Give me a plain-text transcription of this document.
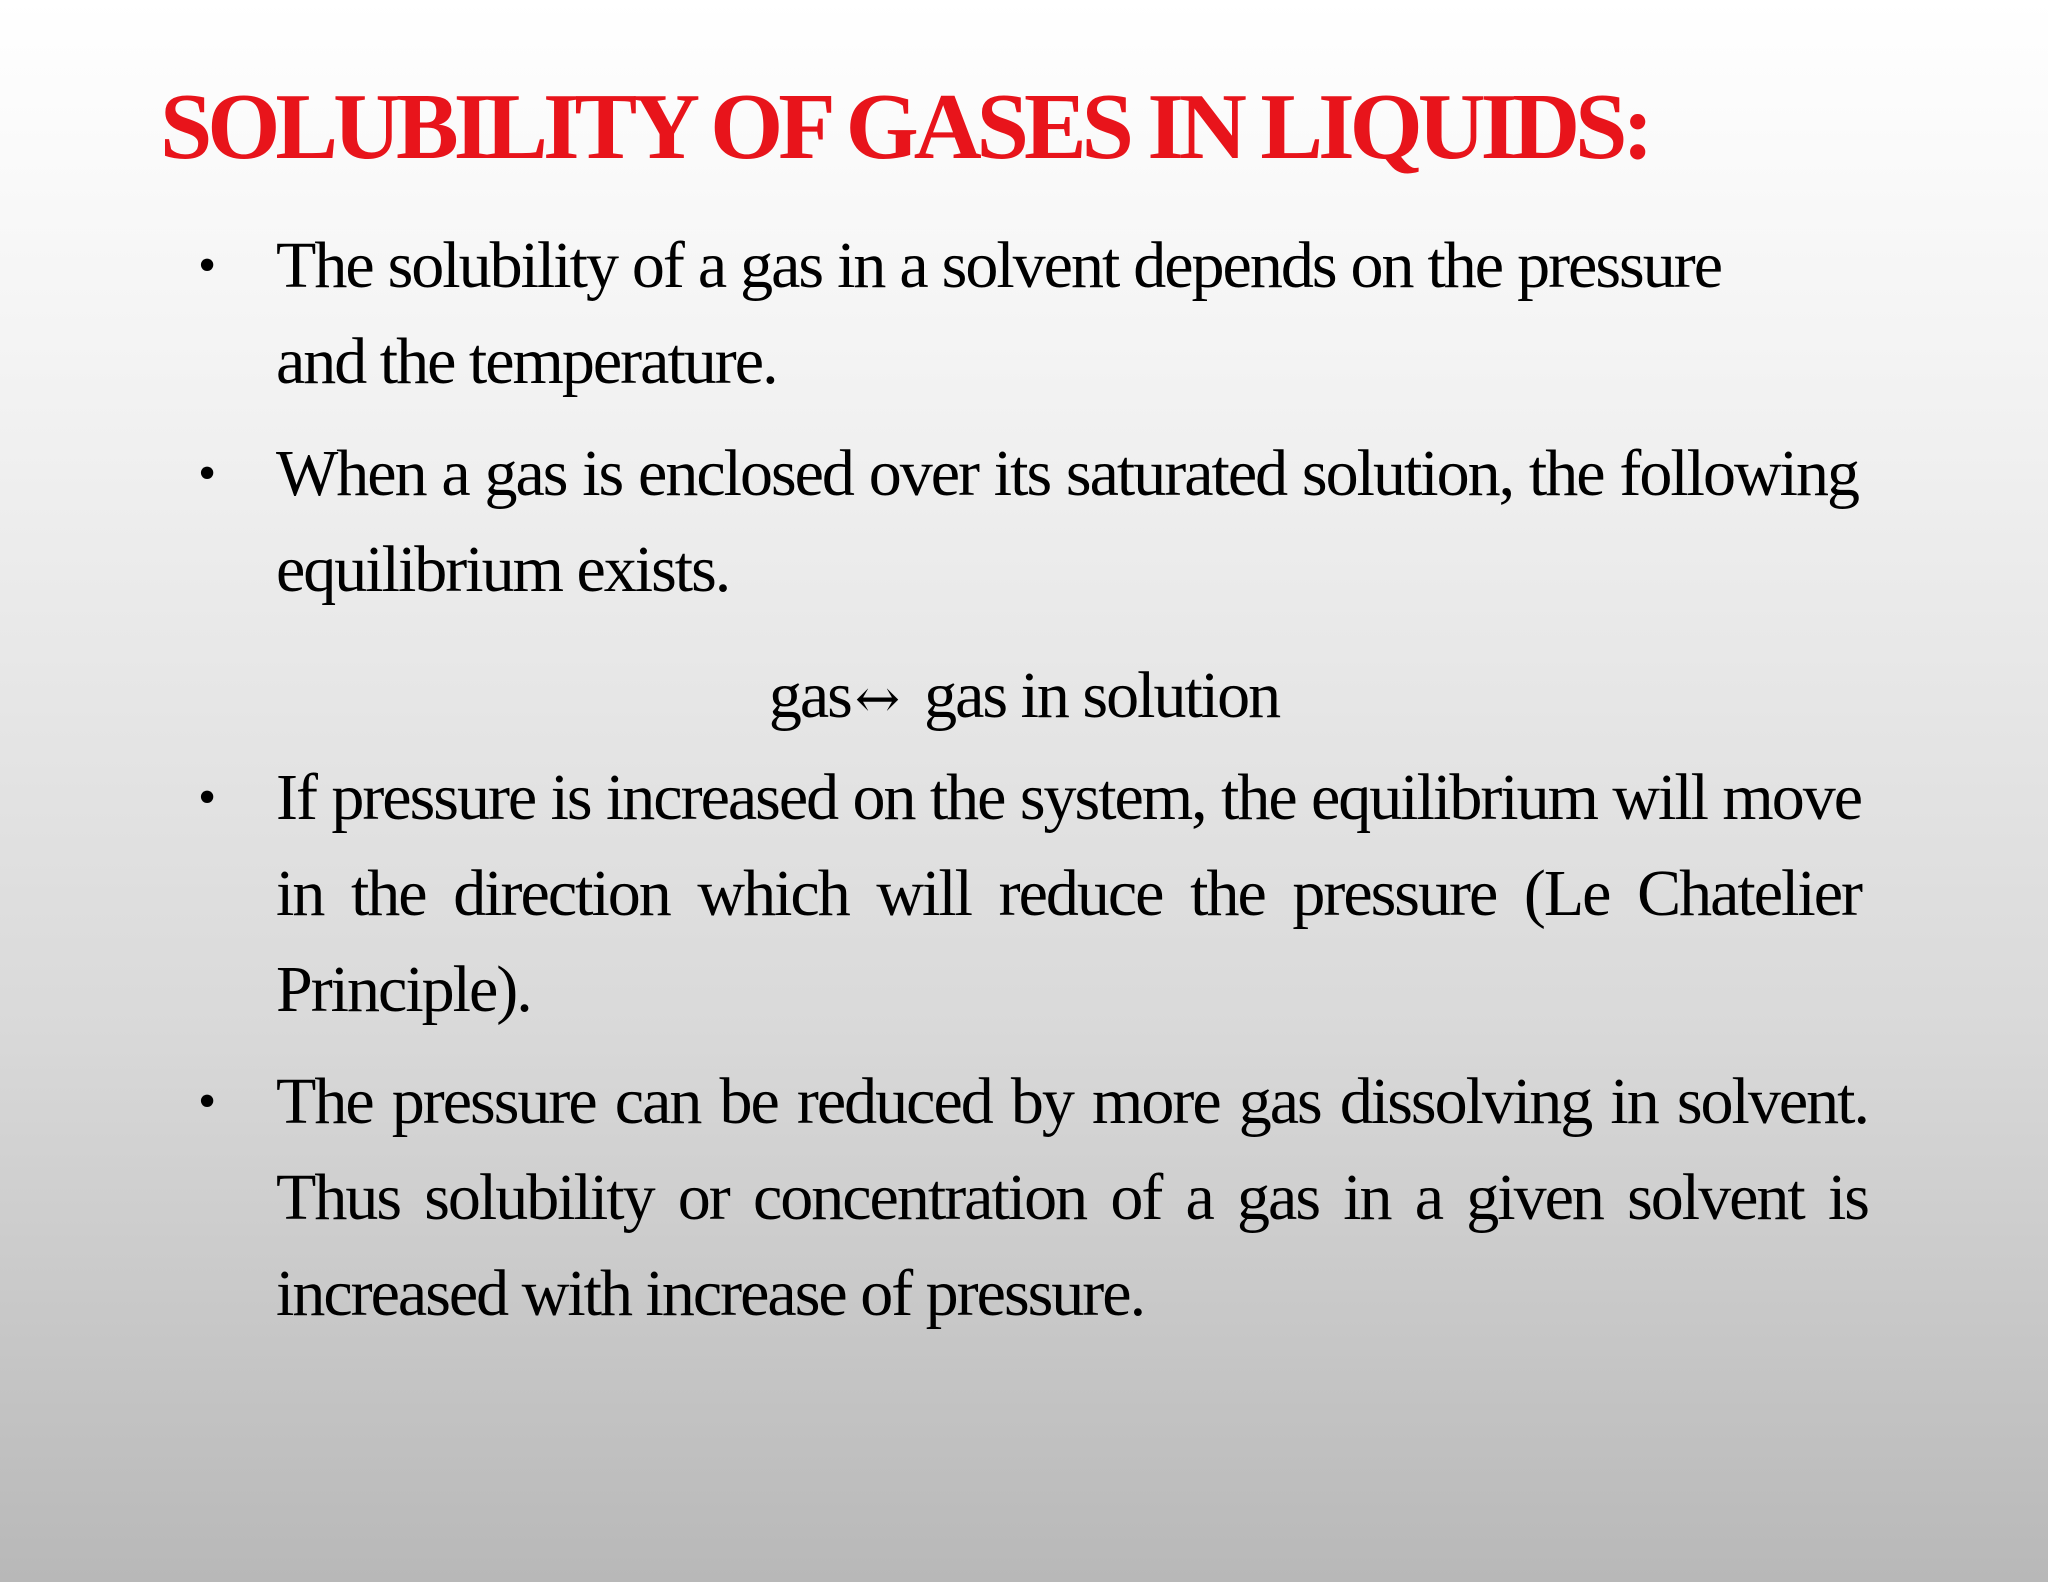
SOLUBILITY OF GASES IN LIQUIDS:
• The solubility of a gas in a solvent depends on the pressure and the temperature.
• When a gas is enclosed over its saturated solution, the following equilibrium exists.
gas↔ gas in solution
• If pressure is increased on the system, the equilibrium will move in the direction which will reduce the pressure (Le Chatelier Principle).
• The pressure can be reduced by more gas dissolving in solvent. Thus solubility or concentration of a gas in a given solvent is increased with increase of pressure.
